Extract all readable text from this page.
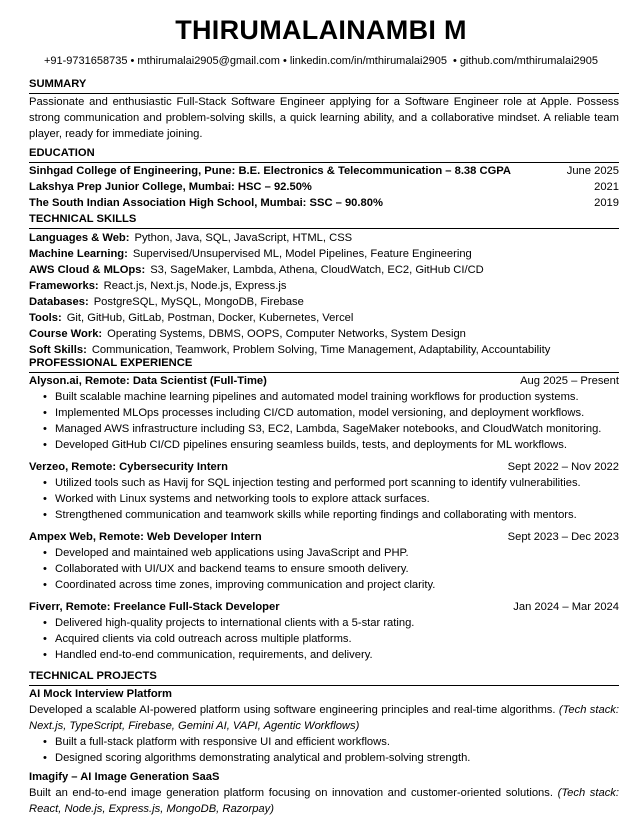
THIRUMALAINAMBI M
+91-9731658735 • mthirumalai2905@gmail.com • linkedin.com/in/mthirumalai2905 • github.com/mthirumalai2905
SUMMARY

Passionate and enthusiastic Full-Stack Software Engineer applying for a Software Engineer role at Apple. Possess strong communication and problem-solving skills, a quick learning ability, and a collaborative mindset. A reliable team player, ready for immediate joining.

EDUCATION
Sinhgad College of Engineering, Pune: B.E. Electronics & Telecommunication – 8.38 CGPA	June 2025
Lakshya Prep Junior College, Mumbai: HSC – 92.50%	2021
The South Indian Association High School, Mumbai: SSC – 90.80%	2019
TECHNICAL SKILLS
Languages & Web: Python, Java, SQL, JavaScript, HTML, CSS
Machine Learning: Supervised/Unsupervised ML, Model Pipelines, Feature Engineering
AWS Cloud & MLOps: S3, SageMaker, Lambda, Athena, CloudWatch, EC2, GitHub CI/CD
Frameworks: React.js, Next.js, Node.js, Express.js
Databases: PostgreSQL, MySQL, MongoDB, Firebase
Tools: Git, GitHub, GitLab, Postman, Docker, Kubernetes, Vercel
Course Work: Operating Systems, DBMS, OOPS, Computer Networks, System Design
Soft Skills: Communication, Teamwork, Problem Solving, Time Management, Adaptability, Accountability
PROFESSIONAL EXPERIENCE
Alyson.ai, Remote: Data Scientist (Full-Time)	Aug 2025 – Present
• Built scalable machine learning pipelines and automated model training workflows for production systems.
• Implemented MLOps processes including CI/CD automation, model versioning, and deployment workflows.
• Managed AWS infrastructure including S3, EC2, Lambda, SageMaker notebooks, and CloudWatch monitoring.
• Developed GitHub CI/CD pipelines ensuring seamless builds, tests, and deployments for ML workflows.
Verzeo, Remote: Cybersecurity Intern	Sept 2022 – Nov 2022
• Utilized tools such as Havij for SQL injection testing and performed port scanning to identify vulnerabilities.
• Worked with Linux systems and networking tools to explore attack surfaces.
• Strengthened communication and teamwork skills while reporting findings and collaborating with mentors.
Ampex Web, Remote: Web Developer Intern	Sept 2023 – Dec 2023
• Developed and maintained web applications using JavaScript and PHP.
• Collaborated with UI/UX and backend teams to ensure smooth delivery.
• Coordinated across time zones, improving communication and project clarity.
Fiverr, Remote: Freelance Full-Stack Developer	Jan 2024 – Mar 2024
• Delivered high-quality projects to international clients with a 5-star rating.
• Acquired clients via cold outreach across multiple platforms.
• Handled end-to-end communication, requirements, and delivery.
TECHNICAL PROJECTS
AI Mock Interview Platform

Developed a scalable AI-powered platform using software engineering principles and real-time algorithms. (Tech stack: Next.js, TypeScript, Firebase, Gemini AI, VAPI, Agentic Workflows)

• Built a full-stack platform with responsive UI and efficient workflows.
• Designed scoring algorithms demonstrating analytical and problem-solving strength.
Imagify – AI Image Generation SaaS

Built an end-to-end image generation platform focusing on innovation and customer-oriented solutions. (Tech stack: React, Node.js, Express.js, MongoDB, Razorpay)
